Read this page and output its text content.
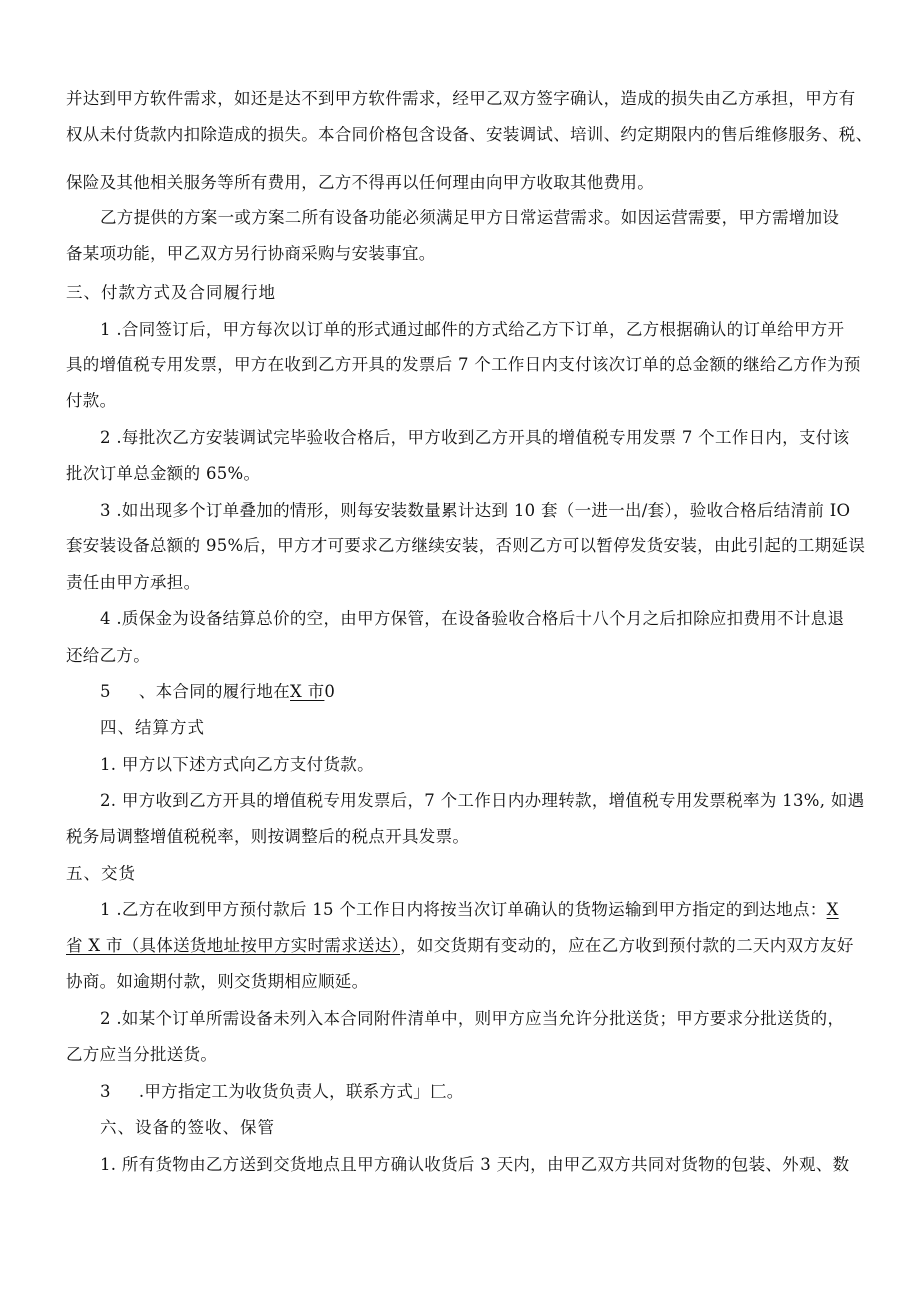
并达到甲方软件需求，如还是达不到甲方软件需求，经甲乙双方签字确认，造成的损失由乙方承担，甲方有
权从未付货款内扣除造成的损失。本合同价格包含设备、安装调试、培训、约定期限内的售后维修服务、税、
保险及其他相关服务等所有费用，乙方不得再以任何理由向甲方收取其他费用。
乙方提供的方案一或方案二所有设备功能必须满足甲方日常运营需求。如因运营需要，甲方需增加设
备某项功能，甲乙双方另行协商采购与安装事宜。
三、付款方式及合同履行地
1 .合同签订后，甲方每次以订单的形式通过邮件的方式给乙方下订单，乙方根据确认的订单给甲方开
具的增值税专用发票，甲方在收到乙方开具的发票后 7 个工作日内支付该次订单的总金额的继给乙方作为预
付款。
2 .每批次乙方安装调试完毕验收合格后，甲方收到乙方开具的增值税专用发票 7 个工作日内，支付该
批次订单总金额的 65%。
3 .如出现多个订单叠加的情形，则每安装数量累计达到 10 套（一进一出/套），验收合格后结清前 IO
套安装设备总额的 95%后，甲方才可要求乙方继续安装，否则乙方可以暂停发货安装，由此引起的工期延误
责任由甲方承担。
4 .质保金为设备结算总价的空，由甲方保管，在设备验收合格后十八个月之后扣除应扣费用不计息退
还给乙方。
5 、本合同的履行地在X 市0
四、结算方式
1. 甲方以下述方式向乙方支付货款。
2. 甲方收到乙方开具的增值税专用发票后，7 个工作日内办理转款，增值税专用发票税率为 13%, 如遇
税务局调整增值税税率，则按调整后的税点开具发票。
五、交货
1 .乙方在收到甲方预付款后 15 个工作日内将按当次订单确认的货物运输到甲方指定的到达地点：X
省 X 市（具体送货地址按甲方实时需求送达），如交货期有变动的，应在乙方收到预付款的二天内双方友好
协商。如逾期付款，则交货期相应顺延。
2 .如某个订单所需设备未列入本合同附件清单中，则甲方应当允许分批送货；甲方要求分批送货的，
乙方应当分批送货。
3 .甲方指定工为收货负责人，联系方式」匚。
六、设备的签收、保管
1. 所有货物由乙方送到交货地点且甲方确认收货后 3 天内，由甲乙双方共同对货物的包装、外观、数
